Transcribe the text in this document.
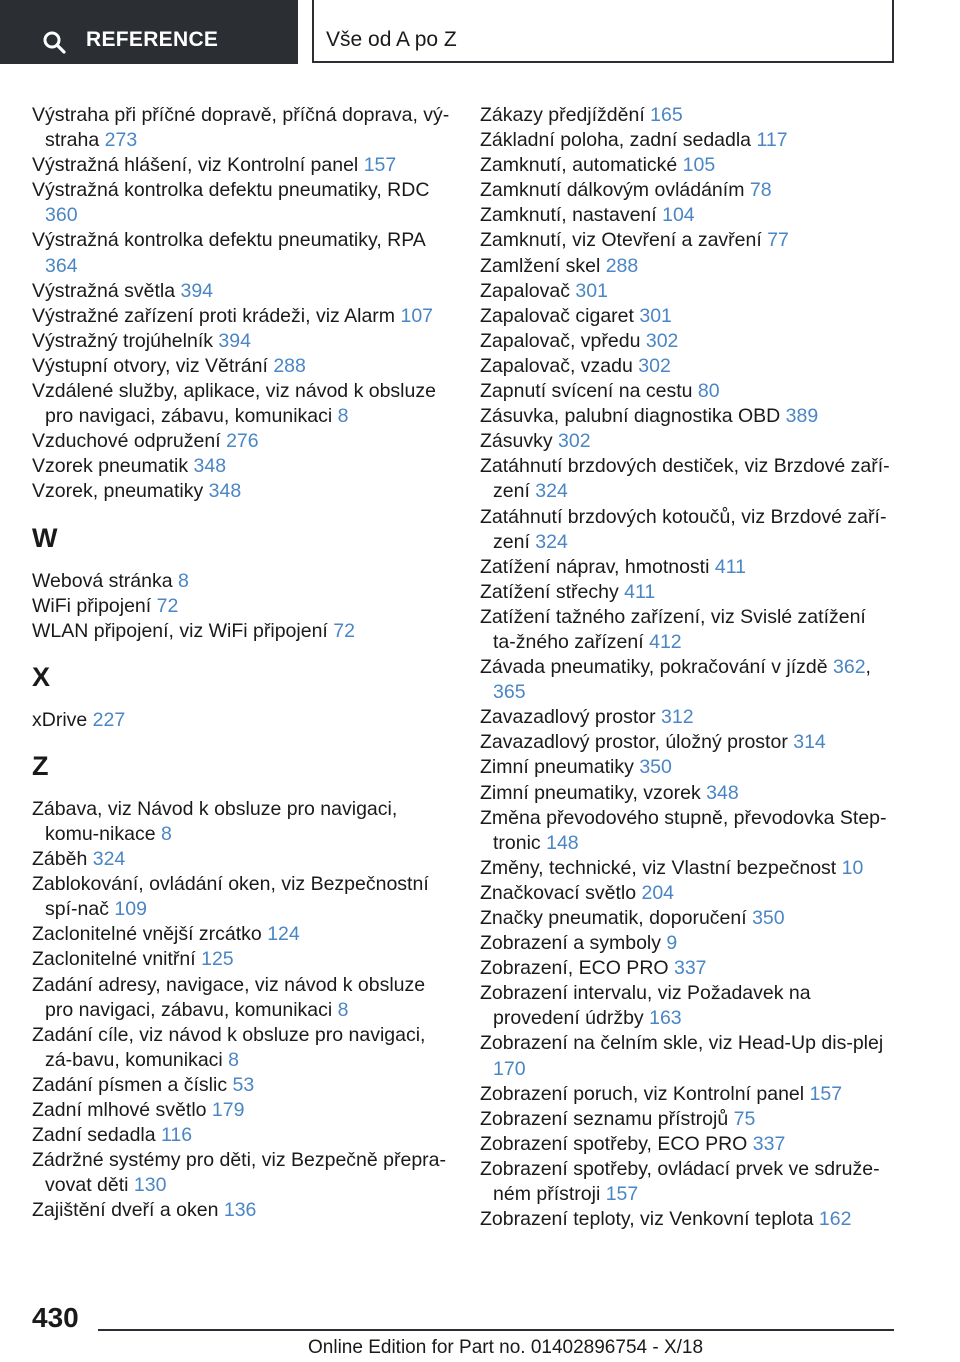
REFERENCE	Vše od A po Z
Výstraha při příčné dopravě, příčná doprava, vý-straha 273
Výstražná hlášení, viz Kontrolní panel 157
Výstražná kontrolka defektu pneumatiky, RDC 360
Výstražná kontrolka defektu pneumatiky, RPA 364
Výstražná světla 394
Výstražné zařízení proti krádeži, viz Alarm 107
Výstražný trojúhelník 394
Výstupní otvory, viz Větrání 288
Vzdálené služby, aplikace, viz návod k obsluze pro navigaci, zábavu, komunikaci 8
Vzduchové odpružení 276
Vzorek pneumatik 348
Vzorek, pneumatiky 348
W
Webová stránka 8
WiFi připojení 72
WLAN připojení, viz WiFi připojení 72
X
xDrive 227
Z
Zábava, viz Návod k obsluze pro navigaci, komu-nikace 8
Záběh 324
Zablokování, ovládání oken, viz Bezpečnostní spí-nač 109
Zaclonitelné vnější zrcátko 124
Zaclonitelné vnitřní 125
Zadání adresy, navigace, viz návod k obsluze pro navigaci, zábavu, komunikaci 8
Zadání cíle, viz návod k obsluze pro navigaci, zá-bavu, komunikaci 8
Zadání písmen a číslic 53
Zadní mlhové světlo 179
Zadní sedadla 116
Zádržné systémy pro děti, viz Bezpečně přepra-vovat děti 130
Zajištění dveří a oken 136
Zákazy předjíždění 165
Základní poloha, zadní sedadla 117
Zamknutí, automatické 105
Zamknutí dálkovým ovládáním 78
Zamknutí, nastavení 104
Zamknutí, viz Otevření a zavření 77
Zamlžení skel 288
Zapalovač 301
Zapalovač cigaret 301
Zapalovač, vpředu 302
Zapalovač, vzadu 302
Zapnutí svícení na cestu 80
Zásuvka, palubní diagnostika OBD 389
Zásuvky 302
Zatáhnutí brzdových destiček, viz Brzdové zaří-zení 324
Zatáhnutí brzdových kotoučů, viz Brzdové zaří-zení 324
Zatížení náprav, hmotnosti 411
Zatížení střechy 411
Zatížení tažného zařízení, viz Svislé zatížení ta-žného zařízení 412
Závada pneumatiky, pokračování v jízdě 362, 365
Zavazadlový prostor 312
Zavazadlový prostor, úložný prostor 314
Zimní pneumatiky 350
Zimní pneumatiky, vzorek 348
Změna převodového stupně, převodovka Step-tronic 148
Změny, technické, viz Vlastní bezpečnost 10
Značkovací světlo 204
Značky pneumatik, doporučení 350
Zobrazení a symboly 9
Zobrazení, ECO PRO 337
Zobrazení intervalu, viz Požadavek na provedení údržby 163
Zobrazení na čelním skle, viz Head-Up dis-plej 170
Zobrazení poruch, viz Kontrolní panel 157
Zobrazení seznamu přístrojů 75
Zobrazení spotřeby, ECO PRO 337
Zobrazení spotřeby, ovládací prvek ve sdruže-ném přístroji 157
Zobrazení teploty, viz Venkovní teplota 162
430
Online Edition for Part no. 01402896754 - X/18
